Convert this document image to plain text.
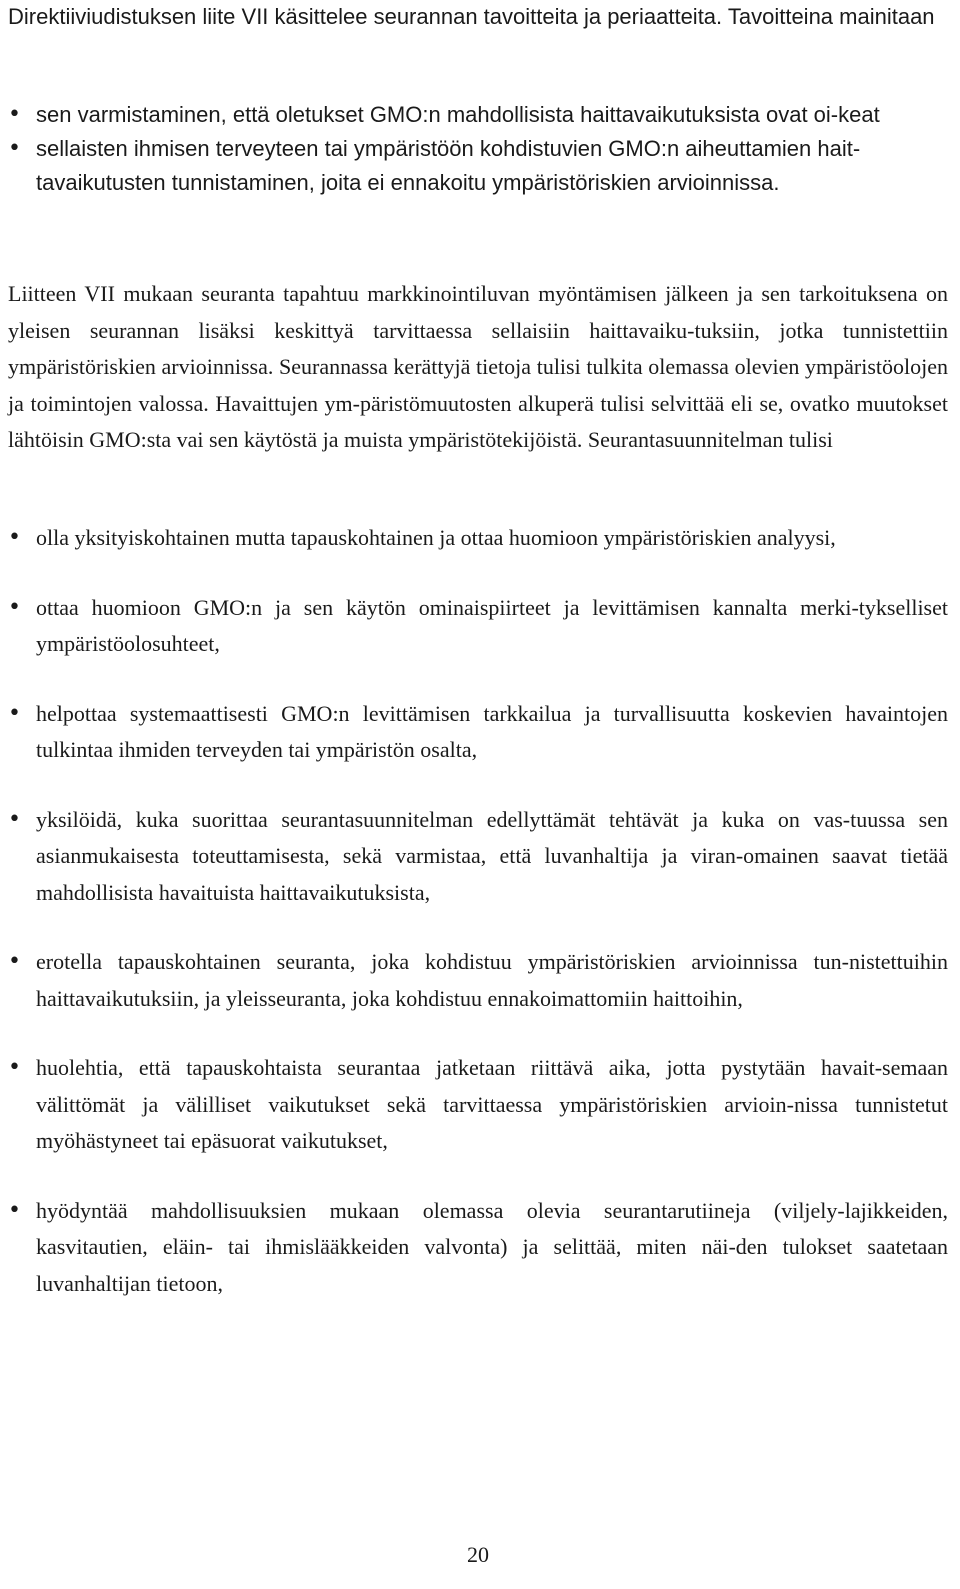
Direktiiviudistuksen liite VII käsittelee seurannan tavoitteita ja periaatteita. Tavoitteina mainitaan

• sen varmistaminen, että oletukset GMO:n mahdollisista haittavaikutuksista ovat oi-keat
• sellaisten ihmisen terveyteen tai ympäristöön kohdistuvien GMO:n aiheuttamien hait-tavaikutusten tunnistaminen, joita ei ennakoitu ympäristöriskien arvioinnissa.

Liitteen VII mukaan seuranta tapahtuu markkinointiluvan myöntämisen jälkeen ja sen tarkoituksena on yleisen seurannan lisäksi keskittyä tarvittaessa sellaisiin haittavaiku-tuksiin, jotka tunnistettiin ympäristöriskien arvioinnissa. Seurannassa kerättyjä tietoja tulisi tulkita olemassa olevien ympäristöolojen ja toimintojen valossa. Havaittujen ym-päristömuutosten alkuperä tulisi selvittää eli se, ovatko muutokset lähtöisin GMO:sta vai sen käytöstä ja muista ympäristötekijöistä. Seurantasuunnitelman tulisi

• olla yksityiskohtainen mutta tapauskohtainen ja ottaa huomioon ympäristöriskien analyysi,
• ottaa huomioon GMO:n ja sen käytön ominaispiirteet ja levittämisen kannalta merki-tykselliset ympäristöolosuhteet,
• helpottaa systemaattisesti GMO:n levittämisen tarkkailua ja turvallisuutta koskevien havaintojen tulkintaa ihmiden terveyden tai ympäristön osalta,
• yksilöidä, kuka suorittaa seurantasuunnitelman edellyttämät tehtävät ja kuka on vas-tuussa sen asianmukaisesta toteuttamisesta, sekä varmistaa, että luvanhaltija ja viran-omainen saavat tietää mahdollisista havaituista haittavaikutuksista,
• erotella tapauskohtainen seuranta, joka kohdistuu ympäristöriskien arvioinnissa tun-nistettuihin haittavaikutuksiin, ja yleisseuranta, joka kohdistuu ennakoimattomiin haittoihin,
• huolehtia, että tapauskohtaista seurantaa jatketaan riittävä aika, jotta pystytään havait-semaan välittömät ja välilliset vaikutukset sekä tarvittaessa ympäristöriskien arvioin-nissa tunnistetut myöhästyneet tai epäsuorat vaikutukset,
• hyödyntää mahdollisuuksien mukaan olemassa olevia seurantarutiineja (viljely-lajikkeiden, kasvitautien, eläin- tai ihmislääkkeiden valvonta) ja selittää, miten näi-den tulokset saatetaan luvanhaltijan tietoon,
20
